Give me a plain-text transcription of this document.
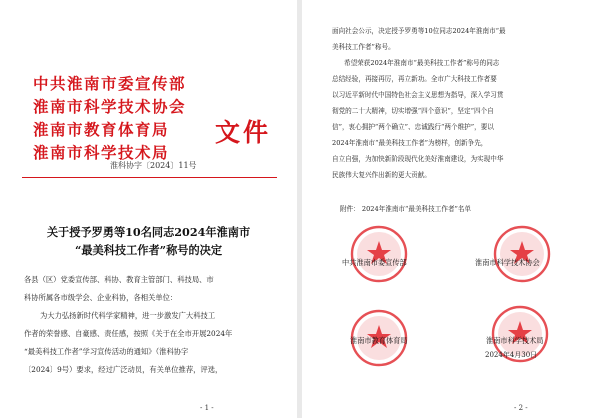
中共淮南市委宣传部
淮南市科学技术协会
淮南市教育体育局
淮南市科学技术局
文件
淮科协字〔2024〕11号
关于授予罗勇等10名同志2024年淮南市
“最美科技工作者”称号的决定
各县（区）党委宣传部、科协、教育主管部门、科技局、市
科协所属各市级学会、企业科协，各相关单位：
为大力弘扬新时代科学家精神，进一步激发广大科技工
作者的荣誉感、自豪感、责任感，按照《关于在全市开展2024年
“最美科技工作者”学习宣传活动的通知》（淮科协字
〔2024〕9号）要求，经过广泛动员，有关单位推荐，评选，
- 1 -
面向社会公示，决定授予罗勇等10位同志2024年淮南市“最
美科技工作者”称号。
希望荣获2024年淮南市“最美科技工作者”称号的同志
总结经验，再接再厉，再立新功。全市广大科技工作者要
以习近平新时代中国特色社会主义思想为指导，深入学习贯
彻党的二十大精神，切实增强“四个意识”，坚定“四个自
信”，衷心拥护“两个确立”、忠诚践行“两个维护”，要以
2024年淮南市“最美科技工作者”为榜样，创新争先，
自立自强，为加快新阶段现代化美好淮南建设，为实现中华
民族伟大复兴作出新的更大贡献。
附件： 2024年淮南市“最美科技工作者”名单
中共淮南市委宣传部	淮南市科学技术协会
淮南市教育体育局	淮南市科学技术局
2024年4月30日
- 2 -
